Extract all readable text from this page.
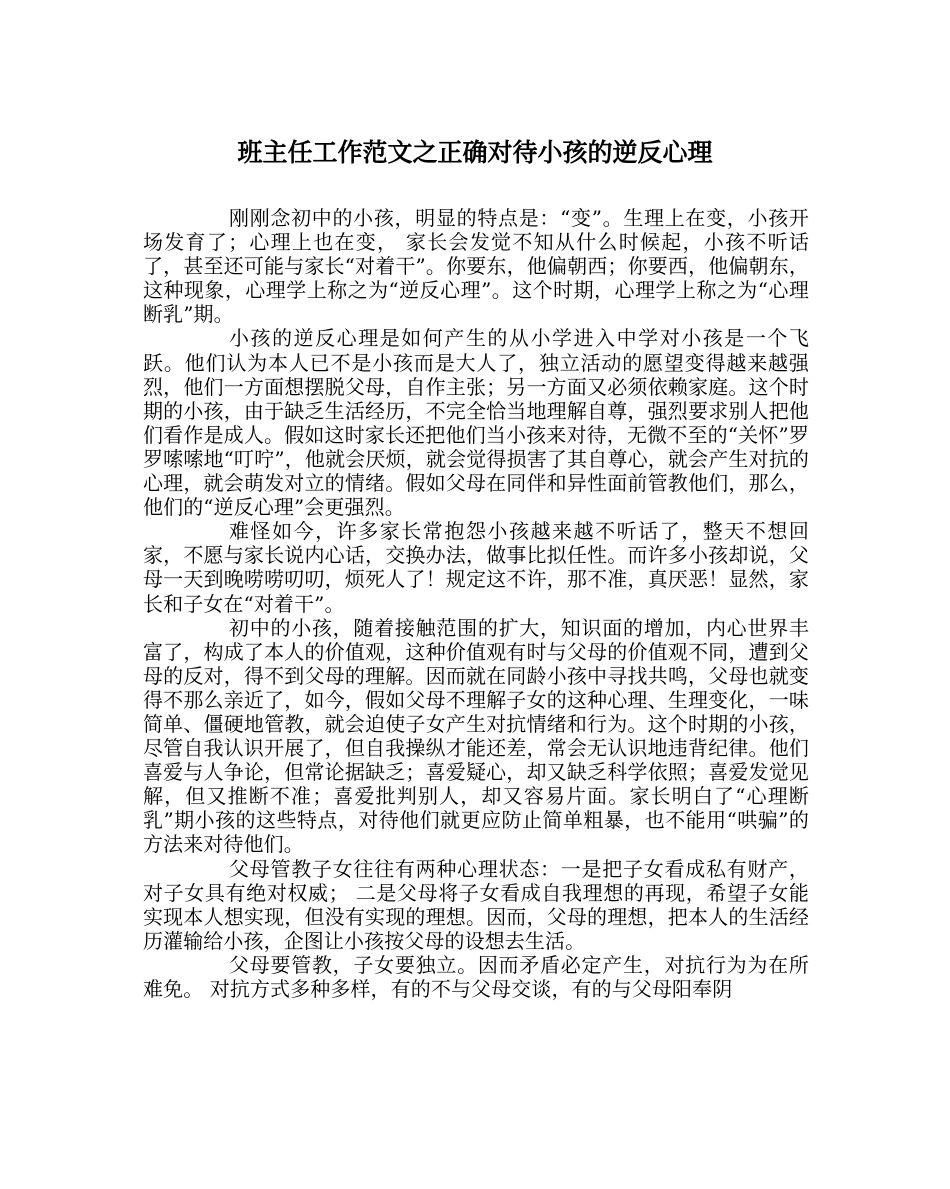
班主任工作范文之正确对待小孩的逆反心理

刚刚念初中的小孩，明显的特点是：“变”。生理上在变，小孩开场发育了；心理上也在变， 家长会发觉不知从什么时候起，小孩不听话了，甚至还可能与家长“对着干”。你要东，他偏朝西；你要西，他偏朝东，这种现象，心理学上称之为“逆反心理”。这个时期，心理学上称之为“心理断乳”期。

小孩的逆反心理是如何产生的从小学进入中学对小孩是一个飞跃。他们认为本人已不是小孩而是大人了，独立活动的愿望变得越来越强烈，他们一方面想摆脱父母，自作主张；另一方面又必须依赖家庭。这个时期的小孩，由于缺乏生活经历，不完全恰当地理解自尊，强烈要求别人把他们看作是成人。假如这时家长还把他们当小孩来对待，无微不至的“关怀”罗罗嗦嗦地“叮咛”，他就会厌烦，就会觉得损害了其自尊心，就会产生对抗的心理，就会萌发对立的情绪。假如父母在同伴和异性面前管教他们，那么，他们的“逆反心理”会更强烈。

难怪如今，许多家长常抱怨小孩越来越不听话了，整天不想回家，不愿与家长说内心话，交换办法，做事比拟任性。而许多小孩却说，父母一天到晚唠唠叨叨，烦死人了！规定这不许，那不准，真厌恶！显然，家长和子女在“对着干”。

初中的小孩，随着接触范围的扩大，知识面的增加，内心世界丰富了，构成了本人的价值观，这种价值观有时与父母的价值观不同，遭到父母的反对，得不到父母的理解。因而就在同龄小孩中寻找共鸣，父母也就变得不那么亲近了，如今，假如父母不理解子女的这种心理、生理变化，一味简单、僵硬地管教，就会迫使子女产生对抗情绪和行为。这个时期的小孩，尽管自我认识开展了，但自我操纵才能还差，常会无认识地违背纪律。他们喜爱与人争论，但常论据缺乏；喜爱疑心，却又缺乏科学依照；喜爱发觉见解，但又推断不准；喜爱批判别人，却又容易片面。家长明白了“心理断乳”期小孩的这些特点，对待他们就更应防止简单粗暴，也不能用“哄骗”的方法来对待他们。

父母管教子女往往有两种心理状态：一是把子女看成私有财产，对子女具有绝对权威； 二是父母将子女看成自我理想的再现，希望子女能实现本人想实现，但没有实现的理想。因而，父母的理想，把本人的生活经历灌输给小孩，企图让小孩按父母的设想去生活。

父母要管教，子女要独立。因而矛盾必定产生，对抗行为为在所难免。 对抗方式多种多样，有的不与父母交谈，有的与父母阳奉阴
